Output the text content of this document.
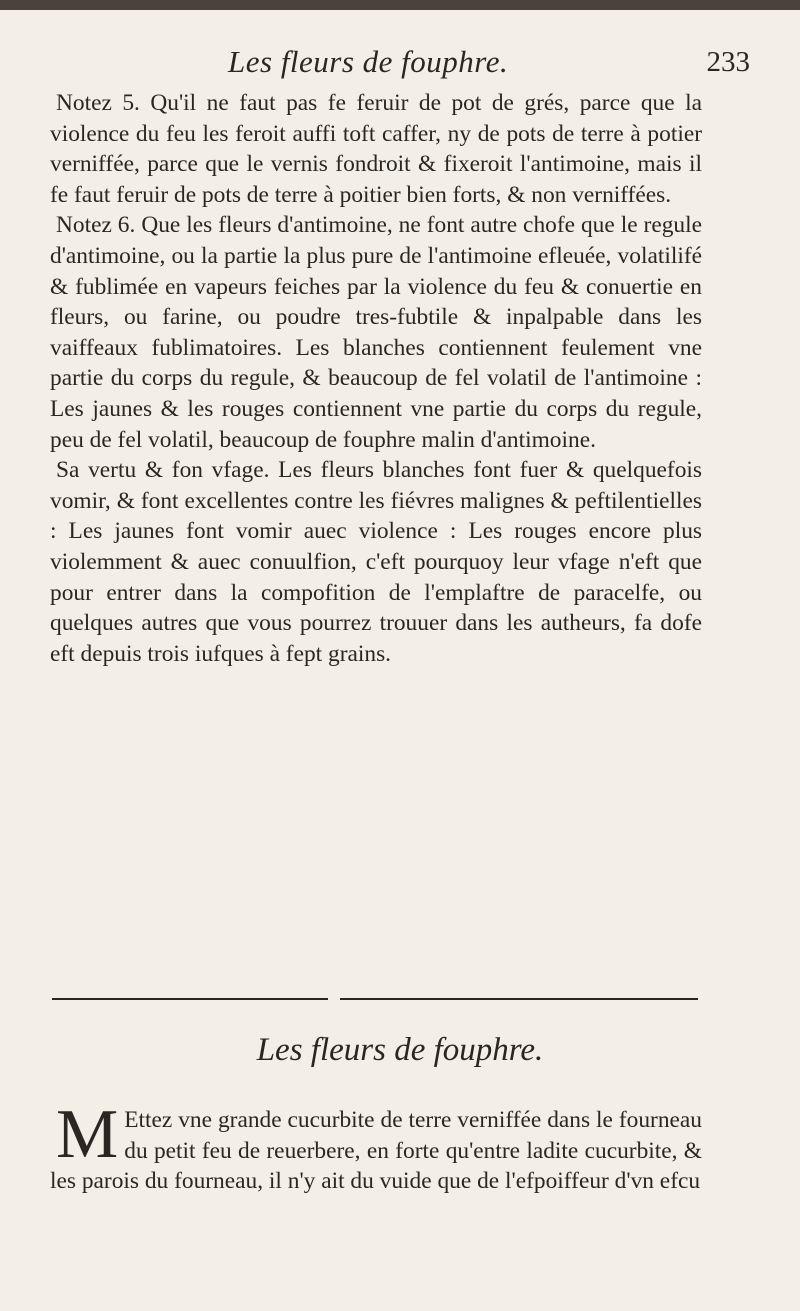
Les fleurs de fouphre.	233

Notez 5. Qu'il ne faut pas fe feruir de pot de grés, parce que la violence du feu les feroit auffi toft caffer, ny de pots de terre à potier verniffée, parce que le vernis fondroit & fixeroit l'antimoine, mais il fe faut feruir de pots de terre à poitier bien forts, & non verniffées.

Notez 6. Que les fleurs d'antimoine, ne font autre chofe que le regule d'antimoine, ou la partie la plus pure de l'antimoine efleuée, volatilifé & fublimée en vapeurs feiches par la violence du feu & conuertie en fleurs, ou farine, ou poudre tres-fubtile & inpalpable dans les vaiffeaux fublimatoires. Les blanches contiennent feulement vne partie du corps du regule, & beaucoup de fel volatil de l'antimoine : Les jaunes & les rouges contiennent vne partie du corps du regule, peu de fel volatil, beaucoup de fouphre malin d'antimoine.

Sa vertu & fon vfage. Les fleurs blanches font fuer & quelquefois vomir, & font excellentes contre les fiévres malignes & peftilentielles : Les jaunes font vomir auec violence : Les rouges encore plus violemment & auec conuulfion, c'eft pourquoy leur vfage n'eft que pour entrer dans la compofition de l'emplaftre de paracelfe, ou quelques autres que vous pourrez trouuer dans les autheurs, fa dofe eft depuis trois iufques à fept grains.

Les fleurs de fouphre.

M Ettez vne grande cucurbite de terre verniffée dans le fourneau du petit feu de reuerbere, en forte qu'entre ladite cucurbite, & les parois du fourneau, il n'y ait du vuide que de l'efpoiffeur d'vn efcu
